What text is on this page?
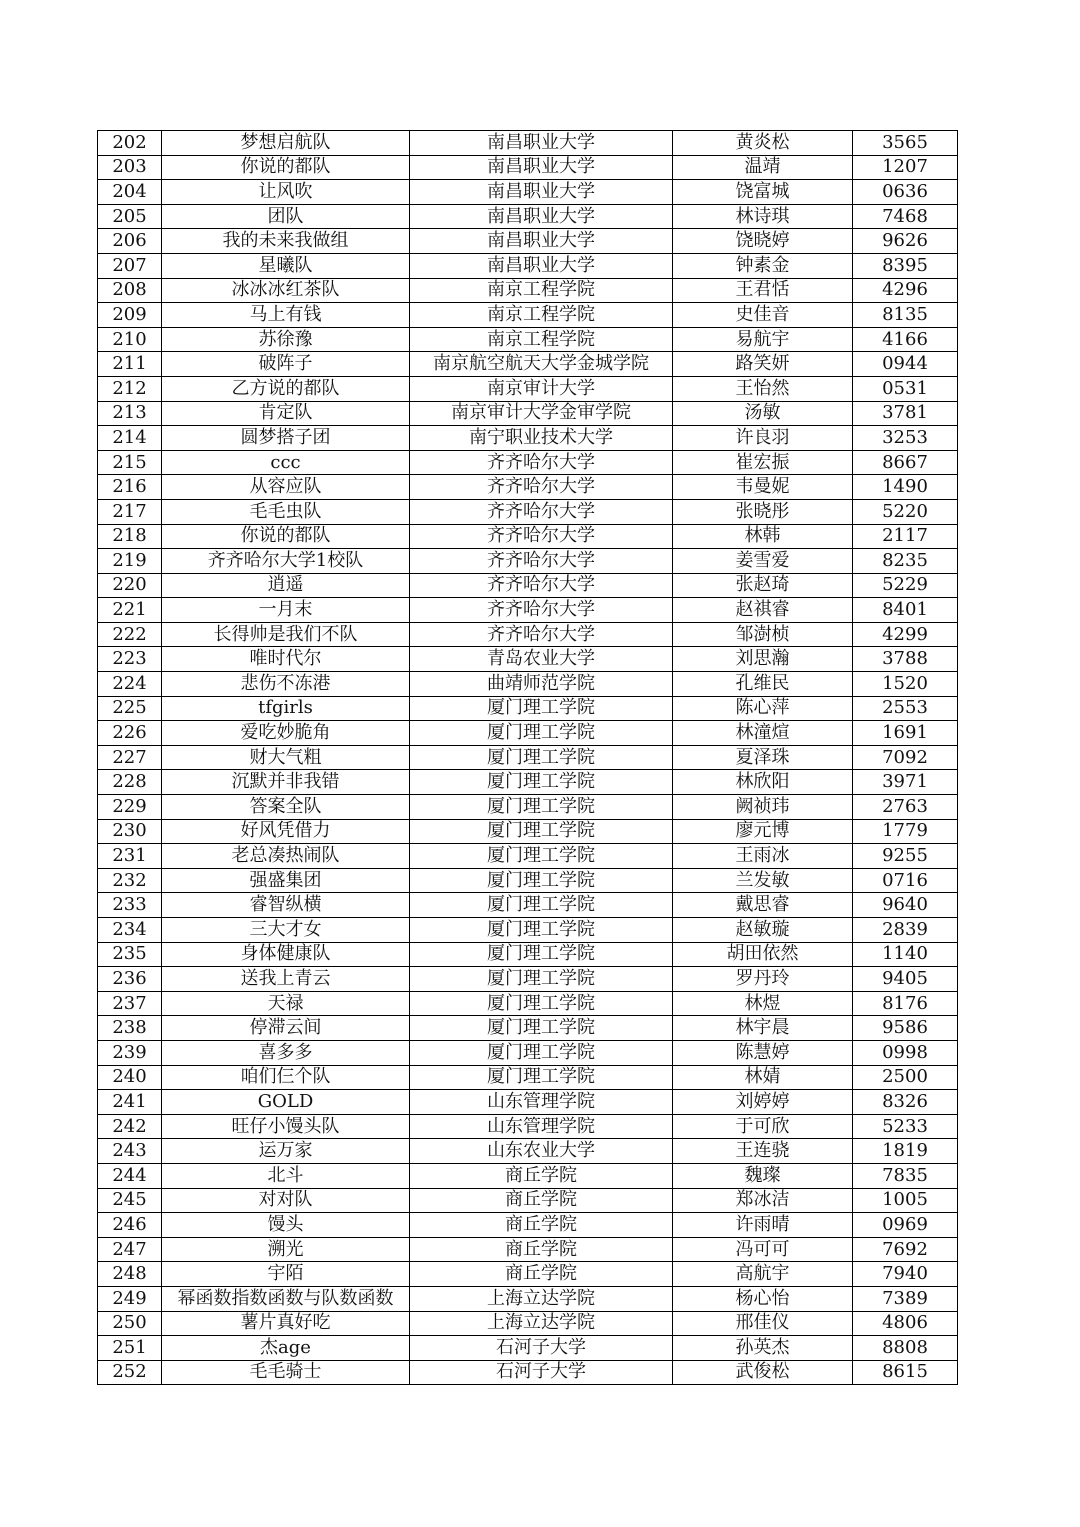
202	梦想启航队	南昌职业大学	黄炎松	3565
203	你说的都队	南昌职业大学	温靖	1207
204	让风吹	南昌职业大学	饶富城	0636
205	团队	南昌职业大学	林诗琪	7468
206	我的未来我做组	南昌职业大学	饶晓婷	9626
207	星曦队	南昌职业大学	钟素金	8395
208	冰冰冰红茶队	南京工程学院	王君恬	4296
209	马上有钱	南京工程学院	史佳音	8135
210	苏徐豫	南京工程学院	易航宇	4166
211	破阵子	南京航空航天大学金城学院	路笑妍	0944
212	乙方说的都队	南京审计大学	王怡然	0531
213	肯定队	南京审计大学金审学院	汤敏	3781
214	圆梦搭子团	南宁职业技术大学	许良羽	3253
215	ccc	齐齐哈尔大学	崔宏振	8667
216	从容应队	齐齐哈尔大学	韦曼妮	1490
217	毛毛虫队	齐齐哈尔大学	张晓彤	5220
218	你说的都队	齐齐哈尔大学	林韩	2117
219	齐齐哈尔大学1校队	齐齐哈尔大学	姜雪爱	8235
220	逍遥	齐齐哈尔大学	张赵琦	5229
221	一月末	齐齐哈尔大学	赵祺睿	8401
222	长得帅是我们不队	齐齐哈尔大学	邹澍桢	4299
223	唯时代尔	青岛农业大学	刘思瀚	3788
224	悲伤不冻港	曲靖师范学院	孔维民	1520
225	tfgirls	厦门理工学院	陈心萍	2553
226	爱吃妙脆角	厦门理工学院	林潼煊	1691
227	财大气粗	厦门理工学院	夏泽珠	7092
228	沉默并非我错	厦门理工学院	林欣阳	3971
229	答案全队	厦门理工学院	阙祯玮	2763
230	好风凭借力	厦门理工学院	廖元博	1779
231	老总凑热闹队	厦门理工学院	王雨冰	9255
232	强盛集团	厦门理工学院	兰发敏	0716
233	睿智纵横	厦门理工学院	戴思睿	9640
234	三大才女	厦门理工学院	赵敏璇	2839
235	身体健康队	厦门理工学院	胡田依然	1140
236	送我上青云	厦门理工学院	罗丹玲	9405
237	天禄	厦门理工学院	林煜	8176
238	停滞云间	厦门理工学院	林宇晨	9586
239	喜多多	厦门理工学院	陈慧婷	0998
240	咱们仨个队	厦门理工学院	林婧	2500
241	GOLD	山东管理学院	刘婷婷	8326
242	旺仔小馒头队	山东管理学院	于可欣	5233
243	运万家	山东农业大学	王连骁	1819
244	北斗	商丘学院	魏璨	7835
245	对对队	商丘学院	郑冰洁	1005
246	馒头	商丘学院	许雨晴	0969
247	溯光	商丘学院	冯可可	7692
248	宇陌	商丘学院	高航宇	7940
249	幂函数指数函数与队数函数	上海立达学院	杨心怡	7389
250	薯片真好吃	上海立达学院	邢佳仪	4806
251	杰age	石河子大学	孙英杰	8808
252	毛毛骑士	石河子大学	武俊松	8615
